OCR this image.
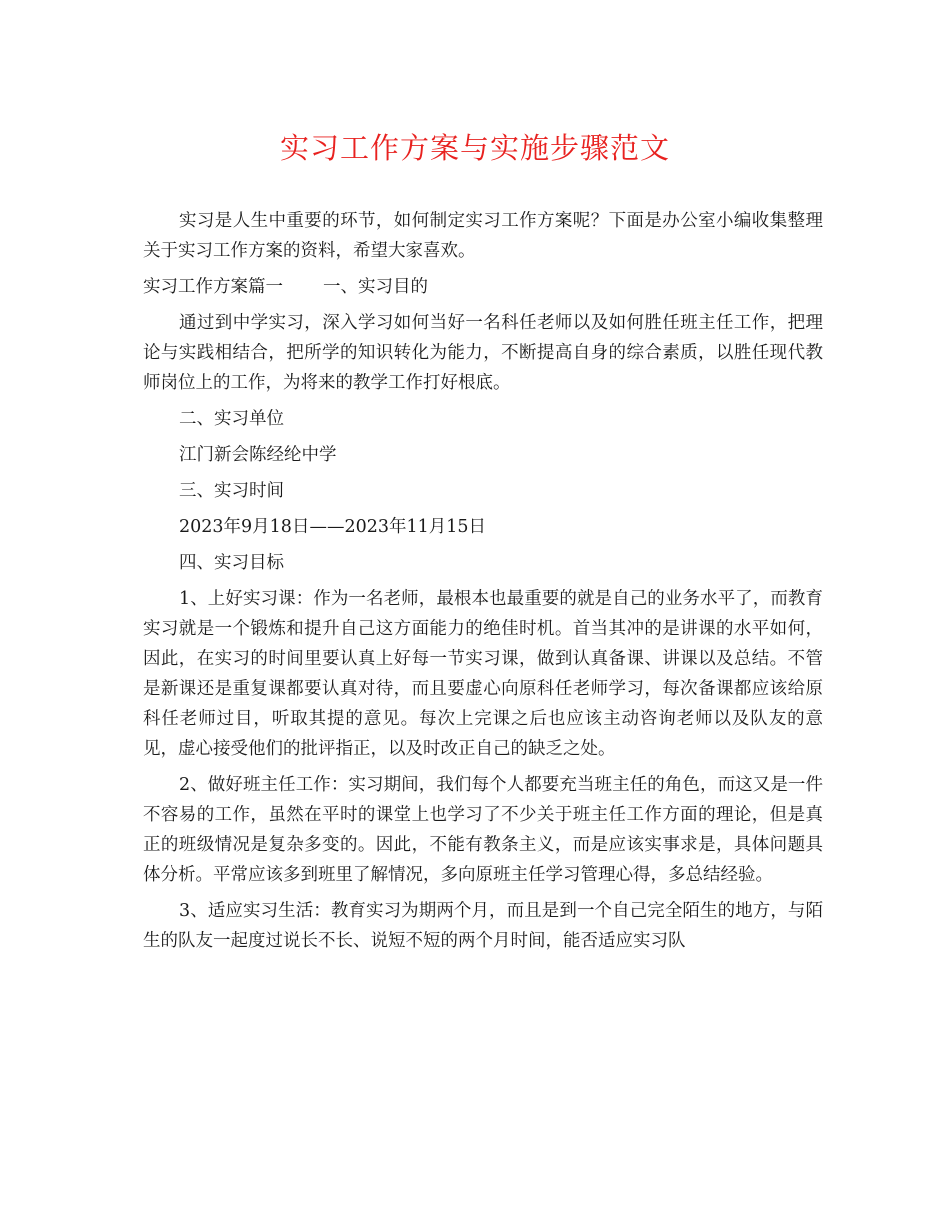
实习工作方案与实施步骤范文

实习是人生中重要的环节，如何制定实习工作方案呢？下面是办公室小编收集整理关于实习工作方案的资料，希望大家喜欢。

实习工作方案篇一 一、实习目的

通过到中学实习，深入学习如何当好一名科任老师以及如何胜任班主任工作，把理论与实践相结合，把所学的知识转化为能力，不断提高自身的综合素质，以胜任现代教师岗位上的工作，为将来的教学工作打好根底。

二、实习单位

江门新会陈经纶中学

三、实习时间

2023年9月18日——2023年11月15日

四、实习目标

1、上好实习课：作为一名老师，最根本也最重要的就是自己的业务水平了，而教育实习就是一个锻炼和提升自己这方面能力的绝佳时机。首当其冲的是讲课的水平如何，因此，在实习的时间里要认真上好每一节实习课，做到认真备课、讲课以及总结。不管是新课还是重复课都要认真对待，而且要虚心向原科任老师学习，每次备课都应该给原科任老师过目，听取其提的意见。每次上完课之后也应该主动咨询老师以及队友的意见，虚心接受他们的批评指正，以及时改正自己的缺乏之处。

2、做好班主任工作：实习期间，我们每个人都要充当班主任的角色，而这又是一件不容易的工作，虽然在平时的课堂上也学习了不少关于班主任工作方面的理论，但是真正的班级情况是复杂多变的。因此，不能有教条主义，而是应该实事求是，具体问题具体分析。平常应该多到班里了解情况，多向原班主任学习管理心得，多总结经验。

3、适应实习生活：教育实习为期两个月，而且是到一个自己完全陌生的地方，与陌生的队友一起度过说长不长、说短不短的两个月时间，能否适应实习队
